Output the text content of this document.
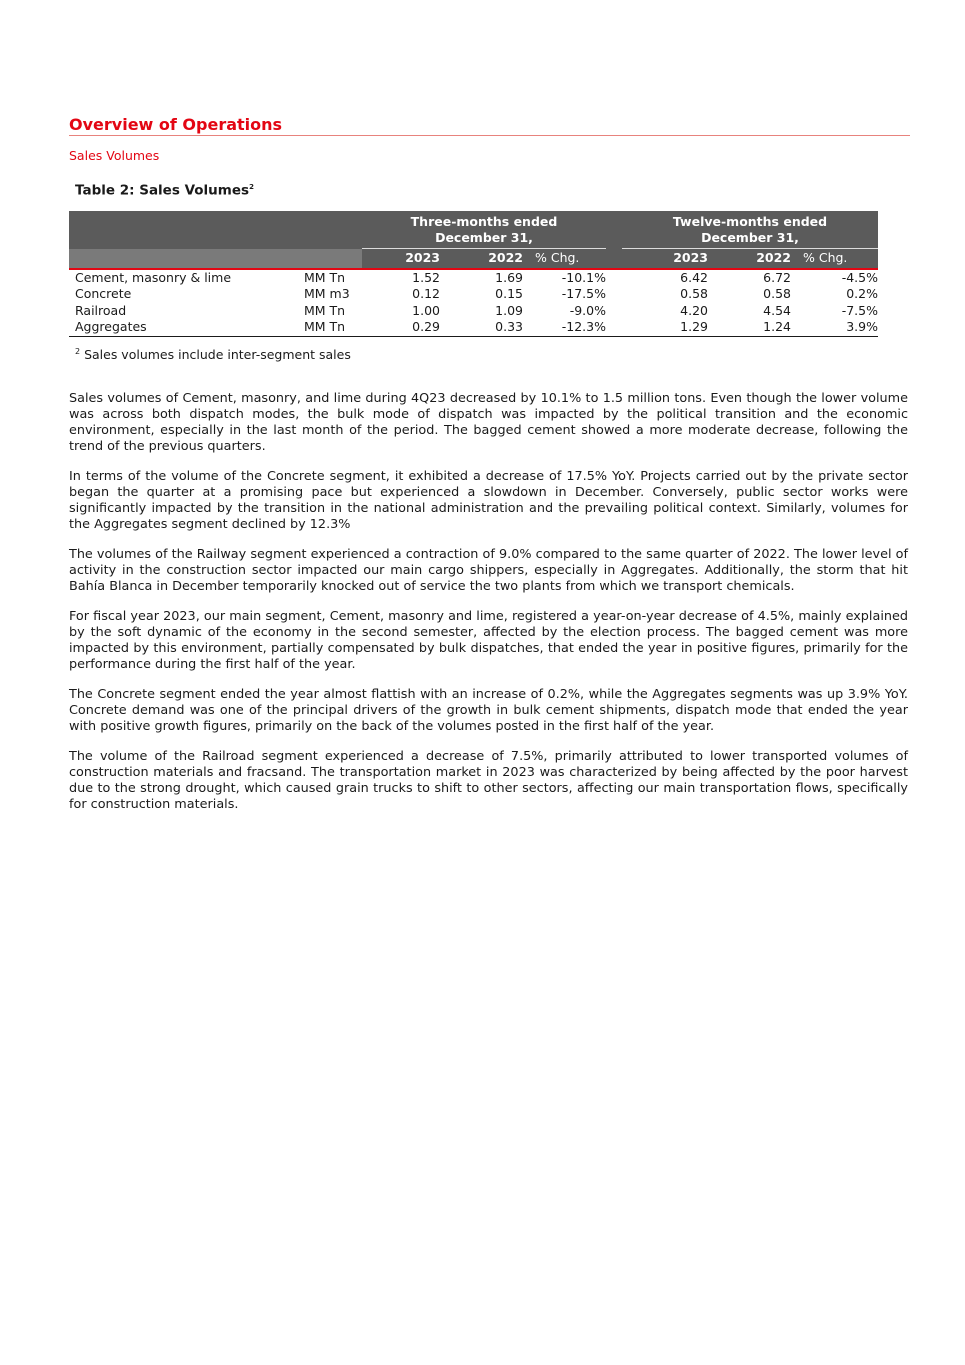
Overview of Operations
Sales Volumes
Table 2: Sales Volumes$^2$

		Three-months ended
December 31,				Twelve-months ended
December 31,		

		2023	2022	% Chg.		2023	2022	% Chg.
Cement, masonry & lime	MM Tn	1.52	1.69	-10.1%		6.42	6.72	-4.5%
Concrete	MM m3	0.12	0.15	-17.5%		0.58	0.58	0.2%
Railroad	MM Tn	1.00	1.09	-9.0%		4.20	4.54	-7.5%
Aggregates	MM Tn	0.29	0.33	-12.3%		1.29	1.24	3.9%
$^2$ Sales volumes include inter-segment sales

Sales volumes of Cement, masonry, and lime during 4Q23 decreased by 10.1% to 1.5 million tons. Even though the lower volume was across both dispatch modes, the bulk mode of dispatch was impacted by the political transition and the economic environment, especially in the last month of the period. The bagged cement showed a more moderate decrease, following the trend of the previous quarters.

In terms of the volume of the Concrete segment, it exhibited a decrease of 17.5% YoY. Projects carried out by the private sector began the quarter at a promising pace but experienced a slowdown in December. Conversely, public sector works were significantly impacted by the transition in the national administration and the prevailing political context. Similarly, volumes for the Aggregates segment declined by 12.3%

The volumes of the Railway segment experienced a contraction of 9.0% compared to the same quarter of 2022. The lower level of activity in the construction sector impacted our main cargo shippers, especially in Aggregates. Additionally, the storm that hit Bahía Blanca in December temporarily knocked out of service the two plants from which we transport chemicals.

For fiscal year 2023, our main segment, Cement, masonry and lime, registered a year-on-year decrease of 4.5%, mainly explained by the soft dynamic of the economy in the second semester, affected by the election process. The bagged cement was more impacted by this environment, partially compensated by bulk dispatches, that ended the year in positive figures, primarily for the performance during the first half of the year.

The Concrete segment ended the year almost flattish with an increase of 0.2%, while the Aggregates segments was up 3.9% YoY. Concrete demand was one of the principal drivers of the growth in bulk cement shipments, dispatch mode that ended the year with positive growth figures, primarily on the back of the volumes posted in the first half of the year.

The volume of the Railroad segment experienced a decrease of 7.5%, primarily attributed to lower transported volumes of construction materials and fracsand. The transportation market in 2023 was characterized by being affected by the poor harvest due to the strong drought, which caused grain trucks to shift to other sectors, affecting our main transportation flows, specifically for construction materials.
